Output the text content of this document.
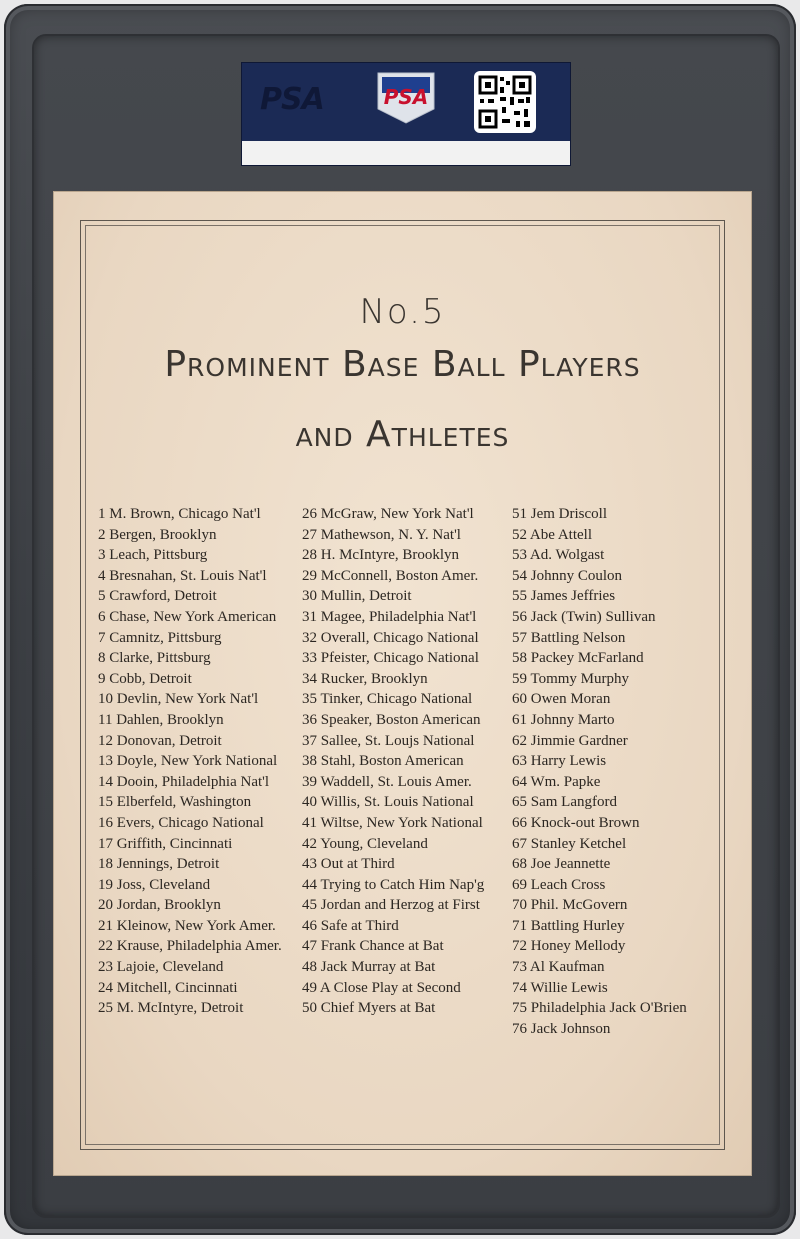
PSA	PSA
No.5
Prominent Base Ball Players
and Athletes
1 M. Brown, Chicago Nat'l
2 Bergen, Brooklyn
3 Leach, Pittsburg
4 Bresnahan, St. Louis Nat'l
5 Crawford, Detroit
6 Chase, New York American
7 Camnitz, Pittsburg
8 Clarke, Pittsburg
9 Cobb, Detroit
10 Devlin, New York Nat'l
11 Dahlen, Brooklyn
12 Donovan, Detroit
13 Doyle, New York National
14 Dooin, Philadelphia Nat'l
15 Elberfeld, Washington
16 Evers, Chicago National
17 Griffith, Cincinnati
18 Jennings, Detroit
19 Joss, Cleveland
20 Jordan, Brooklyn
21 Kleinow, New York Amer.
22 Krause, Philadelphia Amer.
23 Lajoie, Cleveland
24 Mitchell, Cincinnati
25 M. McIntyre, Detroit
26 McGraw, New York Nat'l
27 Mathewson, N. Y. Nat'l
28 H. McIntyre, Brooklyn
29 McConnell, Boston Amer.
30 Mullin, Detroit
31 Magee, Philadelphia Nat'l
32 Overall, Chicago National
33 Pfeister, Chicago National
34 Rucker, Brooklyn
35 Tinker, Chicago National
36 Speaker, Boston American
37 Sallee, St. Loujs National
38 Stahl, Boston American
39 Waddell, St. Louis Amer.
40 Willis, St. Louis National
41 Wiltse, New York National
42 Young, Cleveland
43 Out at Third
44 Trying to Catch Him Nap'g
45 Jordan and Herzog at First
46 Safe at Third
47 Frank Chance at Bat
48 Jack Murray at Bat
49 A Close Play at Second
50 Chief Myers at Bat
51 Jem Driscoll
52 Abe Attell
53 Ad. Wolgast
54 Johnny Coulon
55 James Jeffries
56 Jack (Twin) Sullivan
57 Battling Nelson
58 Packey McFarland
59 Tommy Murphy
60 Owen Moran
61 Johnny Marto
62 Jimmie Gardner
63 Harry Lewis
64 Wm. Papke
65 Sam Langford
66 Knock-out Brown
67 Stanley Ketchel
68 Joe Jeannette
69 Leach Cross
70 Phil. McGovern
71 Battling Hurley
72 Honey Mellody
73 Al Kaufman
74 Willie Lewis
75 Philadelphia Jack O'Brien
76 Jack Johnson
